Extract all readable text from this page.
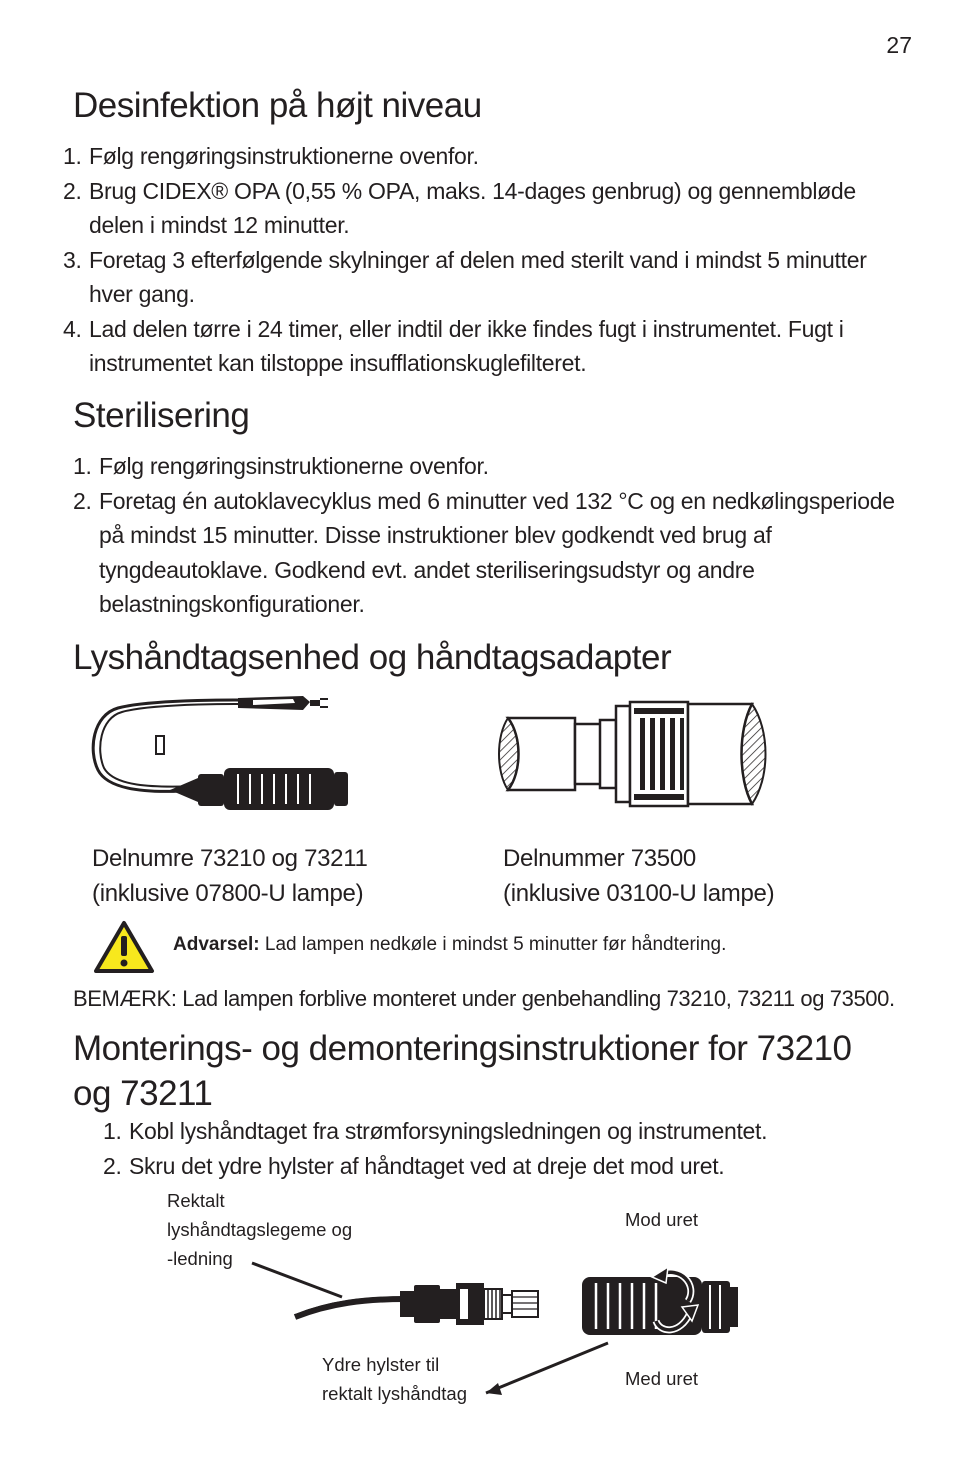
27
Desinfektion på højt niveau
1. Følg rengøringsinstruktionerne ovenfor.
2. Brug CIDEX® OPA (0,55 % OPA, maks. 14-dages genbrug) og gennembløde delen i mindst 12 minutter.
3. Foretag 3 efterfølgende skylninger af delen med sterilt vand i mindst 5 minutter hver gang.
4. Lad delen tørre i 24 timer, eller indtil der ikke findes fugt i instrumentet. Fugt i instrumentet kan tilstoppe insufflationskuglefilteret.
Sterilisering
1. Følg rengøringsinstruktionerne ovenfor.
2. Foretag én autoklavecyklus med 6 minutter ved 132 °C og en nedkølingsperiode på mindst 15 minutter. Disse instruktioner blev godkendt ved brug af tyngdeautoklave. Godkend evt. andet steriliseringsudstyr og andre belastningskonfigurationer.
Lyshåndtagsenhed og håndtagsadapter
Delnumre 73210 og 73211
(inklusive 07800-U lampe)
Delnummer 73500
(inklusive 03100-U lampe)
Advarsel: Lad lampen nedkøle i mindst 5 minutter før håndtering.
BEMÆRK: Lad lampen forblive monteret under genbehandling 73210, 73211 og 73500.
Monterings- og demonteringsinstruktioner for 73210
og 73211
1. Kobl lyshåndtaget fra strømforsyningsledningen og instrumentet.
2. Skru det ydre hylster af håndtaget ved at dreje det mod uret.
Rektalt
lyshåndtagslegeme og
-ledning
Mod uret
Med uret
Ydre hylster til
rektalt lyshåndtag
